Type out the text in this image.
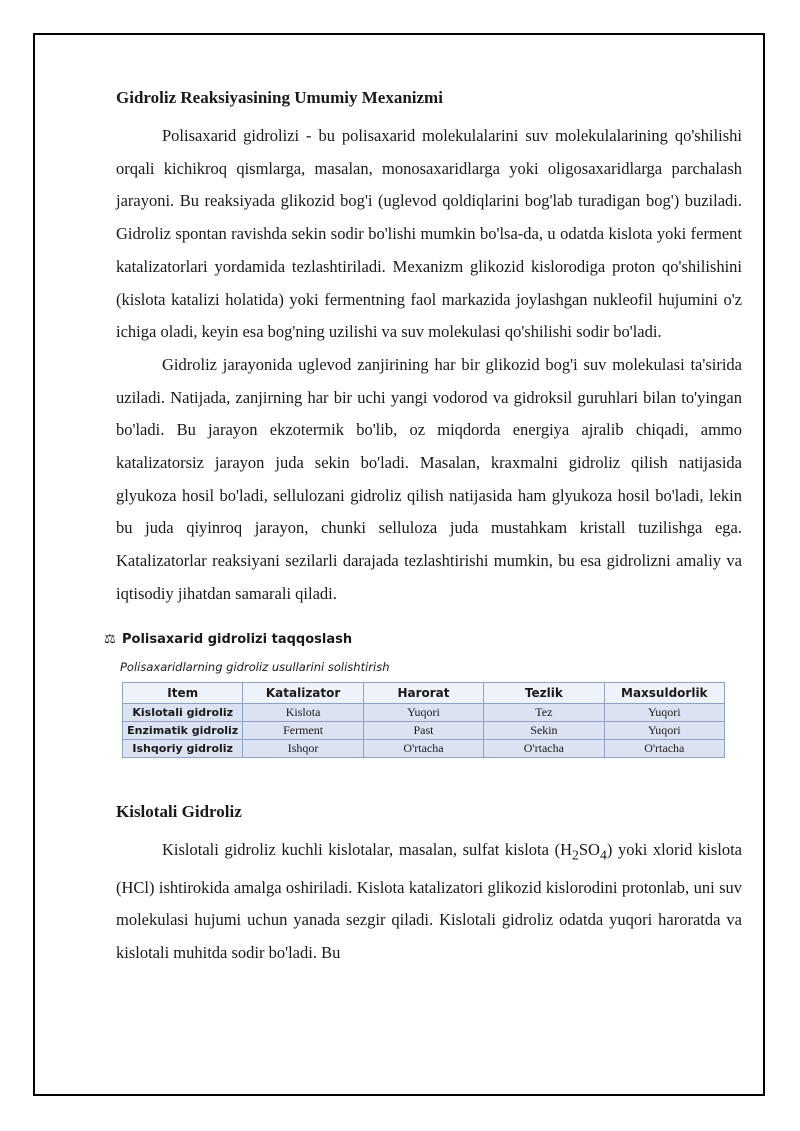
Gidroliz Reaksiyasining Umumiy Mexanizmi

Polisaxarid gidrolizi - bu polisaxarid molekulalarini suv molekulalarining qo'shilishi orqali kichikroq qismlarga, masalan, monosaxaridlarga yoki oligosaxaridlarga parchalash jarayoni. Bu reaksiyada glikozid bog'i (uglevod qoldiqlarini bog'lab turadigan bog') buziladi. Gidroliz spontan ravishda sekin sodir bo'lishi mumkin bo'lsa-da, u odatda kislota yoki ferment katalizatorlari yordamida tezlashtiriladi. Mexanizm glikozid kislorodiga proton qo'shilishini (kislota katalizi holatida) yoki fermentning faol markazida joylashgan nukleofil hujumini o'z ichiga oladi, keyin esa bog'ning uzilishi va suv molekulasi qo'shilishi sodir bo'ladi.

Gidroliz jarayonida uglevod zanjirining har bir glikozid bog'i suv molekulasi ta'sirida uziladi. Natijada, zanjirning har bir uchi yangi vodorod va gidroksil guruhlari bilan to'yingan bo'ladi. Bu jarayon ekzotermik bo'lib, oz miqdorda energiya ajralib chiqadi, ammo katalizatorsiz jarayon juda sekin bo'ladi. Masalan, kraxmalni gidroliz qilish natijasida glyukoza hosil bo'ladi, sellulozani gidroliz qilish natijasida ham glyukoza hosil bo'ladi, lekin bu juda qiyinroq jarayon, chunki selluloza juda mustahkam kristall tuzilishga ega. Katalizatorlar reaksiyani sezilarli darajada tezlashtirishi mumkin, bu esa gidrolizni amaliy va iqtisodiy jihatdan samarali qiladi.

⚖ Polisaxarid gidrolizi taqqoslash
Polisaxaridlarning gidroliz usullarini solishtirish
Item	Katalizator	Harorat	Tezlik	Maxsuldorlik
Kislotali gidroliz	Kislota	Yuqori	Tez	Yuqori
Enzimatik gidroliz	Ferment	Past	Sekin	Yuqori
Ishqoriy gidroliz	Ishqor	O'rtacha	O'rtacha	O'rtacha
Kislotali Gidroliz

Kislotali gidroliz kuchli kislotalar, masalan, sulfat kislota $(H_2SO_4)$ yoki xlorid kislota (HCl) ishtirokida amalga oshiriladi. Kislota katalizatori glikozid kislorodini protonlab, uni suv molekulasi hujumi uchun yanada sezgir qiladi. Kislotali gidroliz odatda yuqori haroratda va kislotali muhitda sodir bo'ladi. Bu
